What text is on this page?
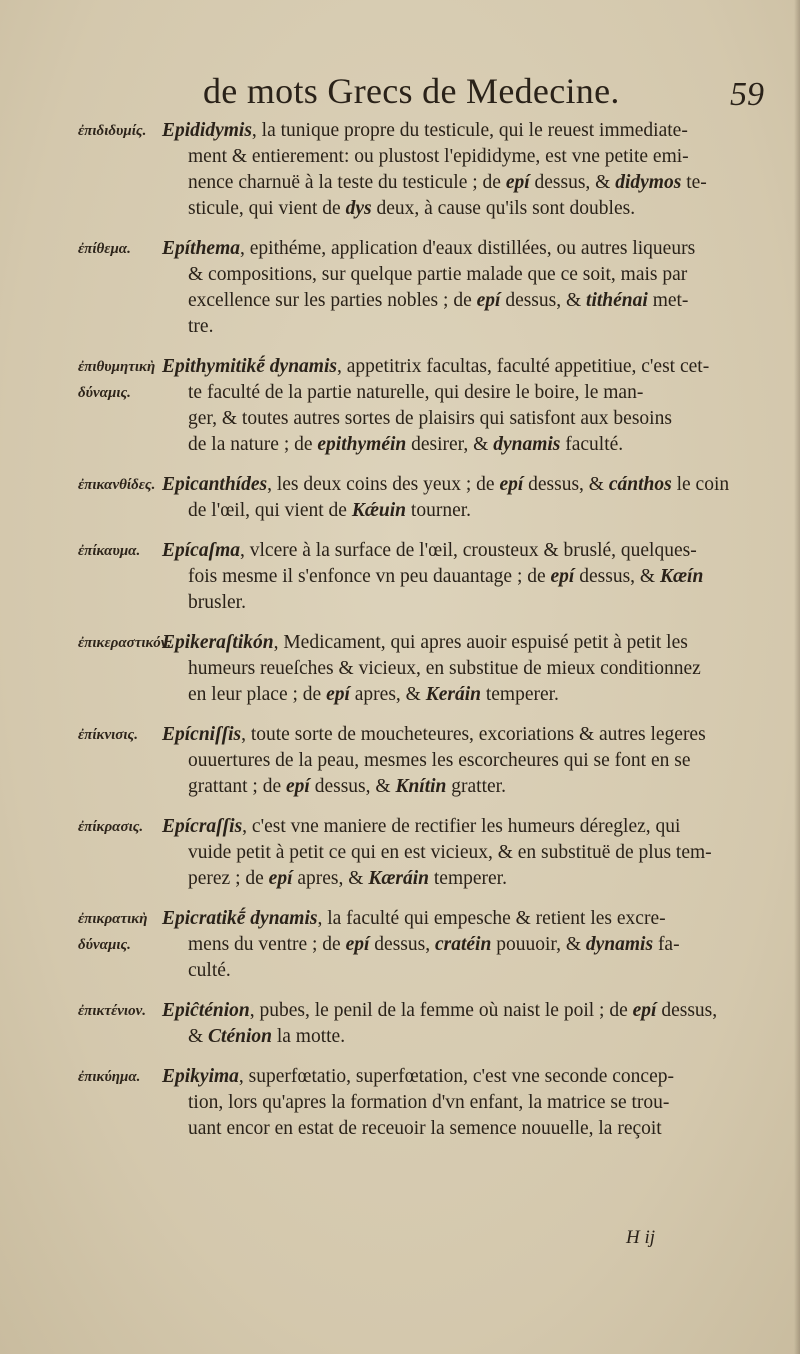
de mots Grecs de Medecine.	59
ἐπιδιδυμίς. Epididymis, la tunique propre du testicule, qui le reuest immediate-
ment & entierement: ou plustost l'epididyme, est vne petite emi-
nence charnuë à la teste du testicule ; de epí dessus, & didymos te-
sticule, qui vient de dys deux, à cause qu'ils sont doubles.
ἐπίθεμα.	Epíthema, epithéme, application d'eaux distillées, ou autres liqueurs
& compositions, sur quelque partie malade que ce soit, mais par
excellence sur les parties nobles ; de epí dessus, & tithénai met-
tre.
ἐπιθυμητικὴ
δύναμις.
Epithymitikḗ dynamis, appetitrix facultas, faculté appetitiue, c'est cet-
te faculté de la partie naturelle, qui desire le boire, le man-
ger, & toutes autres sortes de plaisirs qui satisfont aux besoins
de la nature ; de epithyméin desirer, & dynamis faculté.
ἐπικανθίδες. Epicanthídes, les deux coins des yeux ; de epí dessus, & cánthos le coin
de l'œil, qui vient de Kǽuin tourner.
ἐπίκαυμα.	Epícaſma, vlcere à la surface de l'œil, crousteux & bruslé, quelques-
fois mesme il s'enfonce vn peu dauantage ; de epí dessus, & Kæín
brusler.
ἐπικεραστικόν.
Epikeraſtikón, Medicament, qui apres auoir espuisé petit à petit les
humeurs reueſches & vicieux, en substitue de mieux conditionnez
en leur place ; de epí apres, & Keráin temperer.
ἐπίκνισις.	Epícniſſis, toute sorte de moucheteures, excoriations & autres legeres
ouuertures de la peau, mesmes les escorcheures qui se font en se
grattant ; de epí dessus, & Knítin gratter.
ἐπίκρασις. Epícraſſis, c'est vne maniere de rectifier les humeurs déreglez, qui
vuide petit à petit ce qui en est vicieux, & en substituë de plus tem-
perez ; de epí apres, & Kæráin temperer.
ἐπικρατικὴ
δύναμις.
Epicratikḗ dynamis, la faculté qui empesche & retient les excre-
mens du ventre ; de epí dessus, cratéin pouuoir, & dynamis fa-
culté.
ἐπικτένιον. Epiĉténion, pubes, le penil de la femme où naist le poil ; de epí dessus,
& Cténion la motte.
ἐπικύημα.	Epikyima, superfœtatio, superfœtation, c'est vne seconde concep-
tion, lors qu'apres la formation d'vn enfant, la matrice se trou-
uant encor en estat de receuoir la semence nouuelle, la reçoit
H ij
